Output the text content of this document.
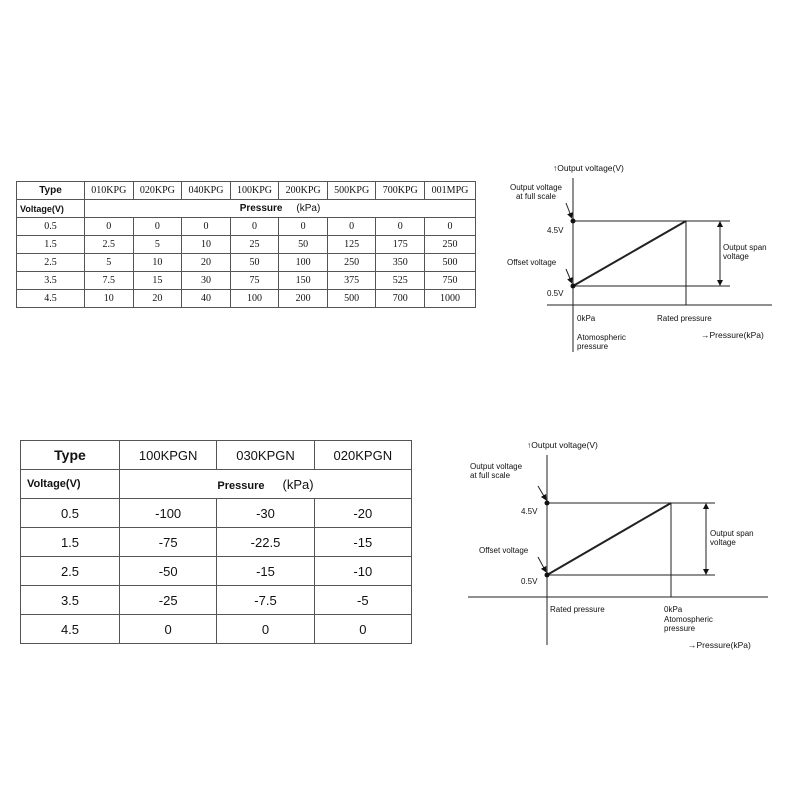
Type	010KPG	020KPG	040KPG	100KPG	200KPG	500KPG	700KPG	001MPG
Voltage(V)	Pressure (kPa)							
0.5	0	0	0	0	0	0	0	0
1.5	2.5	5	10	25	50	125	175	250
2.5	5	10	20	50	100	250	350	500
3.5	7.5	15	30	75	150	375	525	750
4.5	10	20	40	100	200	500	700	1000
Type	100KPGN	030KPGN	020KPGN
Voltage(V)	Pressure (kPa)		
0.5	-100	-30	-20
1.5	-75	-22.5	-15
2.5	-50	-15	-10
3.5	-25	-7.5	-5
4.5	0	0	0
↑Output voltage(V)
Output voltage
at full scale
4.5V
Offset voltage
0.5V
Output span
voltage
0kPa	Rated pressure
Atomospheric
pressure
→Pressure(kPa)
↑Output voltage(V)
Output voltage
at full scale
4.5V
Offset voltage
0.5V
Output span
voltage
Rated pressure	0kPa
Atomospheric
pressure
→Pressure(kPa)
